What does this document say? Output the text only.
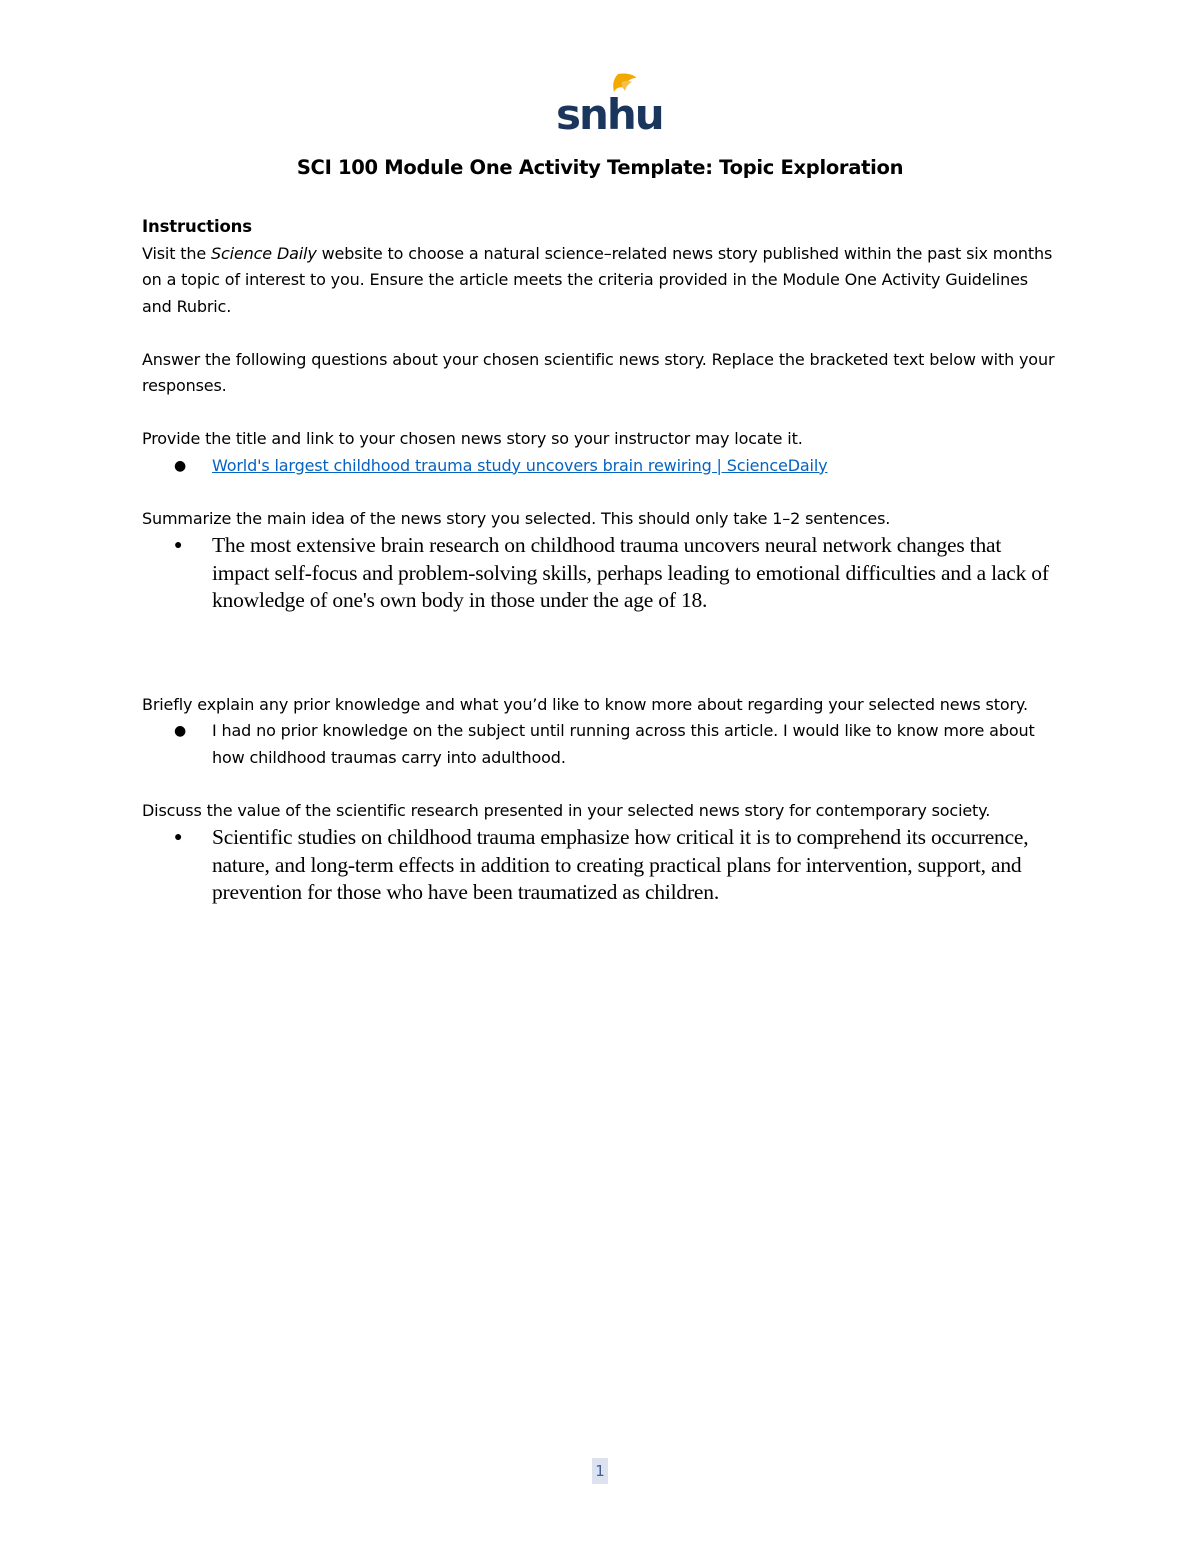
snhu
SCI 100 Module One Activity Template: Topic Exploration

Instructions

Visit the Science Daily website to choose a natural science–related news story published within the past six months on a topic of interest to you. Ensure the article meets the criteria provided in the Module One Activity Guidelines and Rubric.

Answer the following questions about your chosen scientific news story. Replace the bracketed text below with your responses.

Provide the title and link to your chosen news story so your instructor may locate it.

● World's largest childhood trauma study uncovers brain rewiring | ScienceDaily

Summarize the main idea of the news story you selected. This should only take 1–2 sentences.

● The most extensive brain research on childhood trauma uncovers neural network changes that impact self-focus and problem-solving skills, perhaps leading to emotional difficulties and a lack of knowledge of one's own body in those under the age of 18.

Briefly explain any prior knowledge and what you’d like to know more about regarding your selected news story.

● I had no prior knowledge on the subject until running across this article. I would like to know more about how childhood traumas carry into adulthood.

Discuss the value of the scientific research presented in your selected news story for contemporary society.

● Scientific studies on childhood trauma emphasize how critical it is to comprehend its occurrence, nature, and long-term effects in addition to creating practical plans for intervention, support, and prevention for those who have been traumatized as children.
1
